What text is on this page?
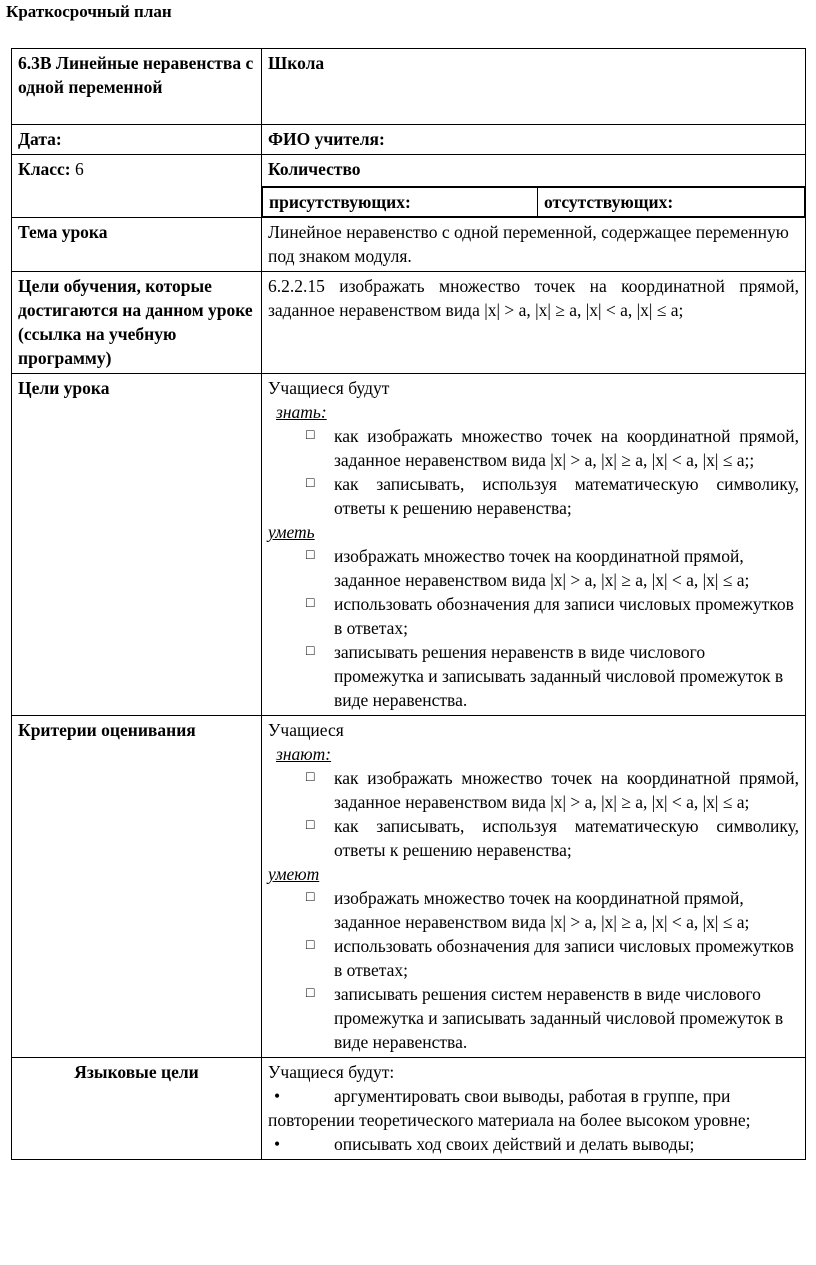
Краткосрочный план
6.3В Линейные неравенства с одной переменной	Школа
Дата:	ФИО учителя:
Класс: 6	Количество
присутствующих:	отсутствующих:

Тема урока	Линейное неравенство с одной переменной, содержащее переменную под знаком модуля.
Цели обучения, которые достигаются на данном уроке (ссылка на учебную программу)	6.2.2.15 изображать множество точек на координатной прямой, заданное неравенством вида |x| > a, |x| ≥ a, |x| < a, |x| ≤ a;
Цели урока	Учащиеся будут
знать:
□ как изображать множество точек на координатной прямой, заданное неравенством вида |x| > a, |x| ≥ a, |x| < a, |x| ≤ a;;
□ как записывать, используя математическую символику, ответы к решению неравенства;
уметь
□ изображать множество точек на координатной прямой, заданное неравенством вида |x| > a, |x| ≥ a, |x| < a, |x| ≤ a;
□ использовать обозначения для записи числовых промежутков в ответах;
□ записывать решения неравенств в виде числового промежутка и записывать заданный числовой промежуток в виде неравенства.

Критерии оценивания	Учащиеся
знают:
□ как изображать множество точек на координатной прямой, заданное неравенством вида |x| > a, |x| ≥ a, |x| < a, |x| ≤ a;
□ как записывать, используя математическую символику, ответы к решению неравенства;
умеют
□ изображать множество точек на координатной прямой, заданное неравенством вида |x| > a, |x| ≥ a, |x| < a, |x| ≤ a;
□ использовать обозначения для записи числовых промежутков в ответах;
□ записывать решения систем неравенств в виде числового промежутка и записывать заданный числовой промежуток в виде неравенства.

Языковые цели	Учащиеся будут:
•	аргументировать свои выводы, работая в группе, при повторении теоретического материала на более высоком уровне;
•	описывать ход своих действий и делать выводы;
